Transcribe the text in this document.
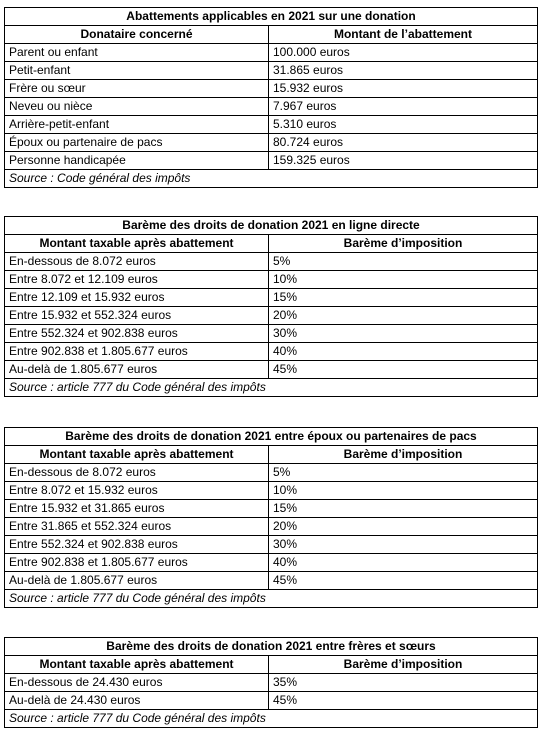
Abattements applicables en 2021 sur une donation	
Donataire concerné	Montant de l’abattement
Parent ou enfant	100.000 euros
Petit-enfant	31.865 euros
Frère ou sœur	15.932 euros
Neveu ou nièce	7.967 euros
Arrière-petit-enfant	5.310 euros
Époux ou partenaire de pacs	80.724 euros
Personne handicapée	159.325 euros
Source : Code général des impôts	
Barème des droits de donation 2021 en ligne directe	
Montant taxable après abattement	Barème d’imposition
En-dessous de 8.072 euros	5%
Entre 8.072 et 12.109 euros	10%
Entre 12.109 et 15.932 euros	15%
Entre 15.932 et 552.324 euros	20%
Entre 552.324 et 902.838 euros	30%
Entre 902.838 et 1.805.677 euros	40%
Au-delà de 1.805.677 euros	45%
Source : article 777 du Code général des impôts	
Barème des droits de donation 2021 entre époux ou partenaires de pacs	
Montant taxable après abattement	Barème d’imposition
En-dessous de 8.072 euros	5%
Entre 8.072 et 15.932 euros	10%
Entre 15.932 et 31.865 euros	15%
Entre 31.865 et 552.324 euros	20%
Entre 552.324 et 902.838 euros	30%
Entre 902.838 et 1.805.677 euros	40%
Au-delà de 1.805.677 euros	45%
Source : article 777 du Code général des impôts	
Barème des droits de donation 2021 entre frères et sœurs	
Montant taxable après abattement	Barème d’imposition
En-dessous de 24.430 euros	35%
Au-delà de 24.430 euros	45%
Source : article 777 du Code général des impôts	
